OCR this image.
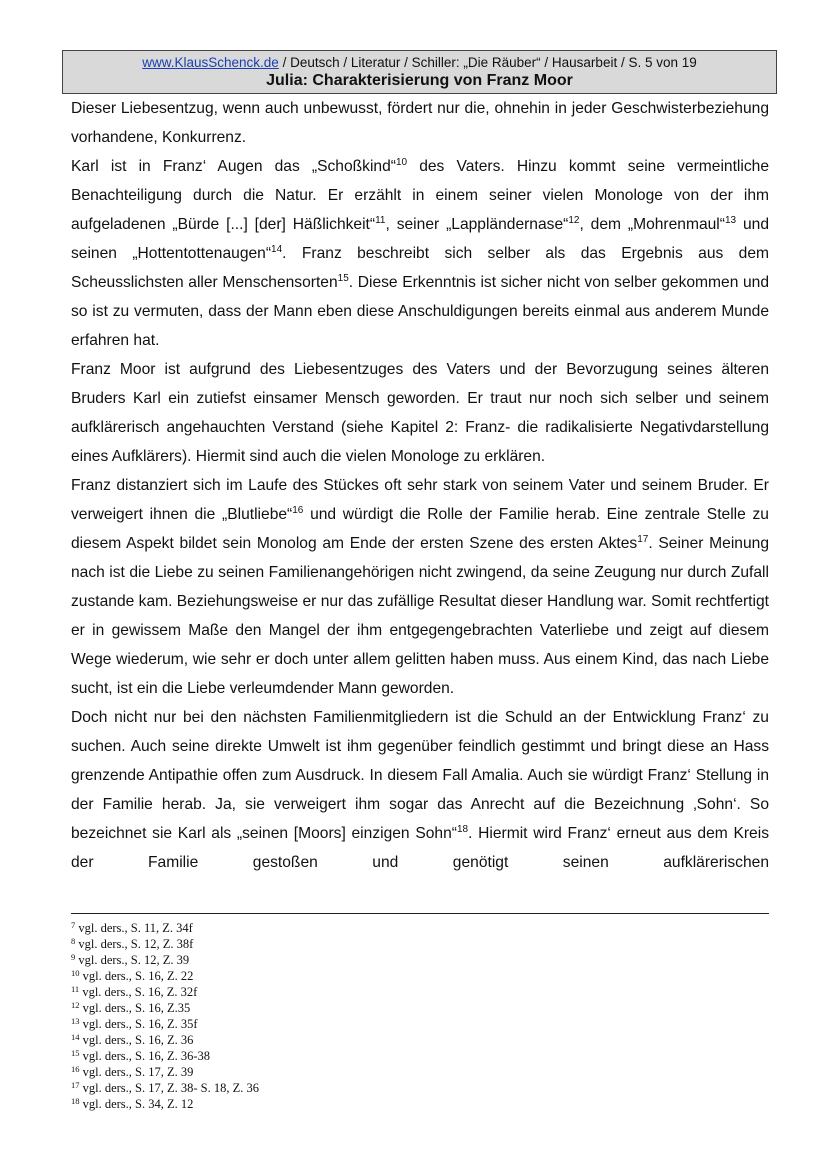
www.KlausSchenck.de / Deutsch / Literatur / Schiller: „Die Räuber“ / Hausarbeit / S. 5 von 19
Julia: Charakterisierung von Franz Moor

Dieser Liebesentzug, wenn auch unbewusst, fördert nur die, ohnehin in jeder Geschwisterbeziehung vorhandene, Konkurrenz.

Karl ist in Franz‘ Augen das „Schoßkind“$^{10}$ des Vaters. Hinzu kommt seine vermeintliche Benachteiligung durch die Natur. Er erzählt in einem seiner vielen Monologe von der ihm aufgeladenen „Bürde [...] [der] Häßlichkeit“$^{11}$, seiner „Lappländernase“$^{12}$, dem „Mohrenmaul“$^{13}$ und seinen „Hottentottenaugen“$^{14}$. Franz beschreibt sich selber als das Ergebnis aus dem Scheusslichsten aller Menschensorten$^{15}$. Diese Erkenntnis ist sicher nicht von selber gekommen und so ist zu vermuten, dass der Mann eben diese Anschuldigungen bereits einmal aus anderem Munde erfahren hat.

Franz Moor ist aufgrund des Liebesentzuges des Vaters und der Bevorzugung seines älteren Bruders Karl ein zutiefst einsamer Mensch geworden. Er traut nur noch sich selber und seinem aufklärerisch angehauchten Verstand (siehe Kapitel 2: Franz- die radikalisierte Negativdarstellung eines Aufklärers). Hiermit sind auch die vielen Monologe zu erklären.

Franz distanziert sich im Laufe des Stückes oft sehr stark von seinem Vater und seinem Bruder. Er verweigert ihnen die „Blutliebe“$^{16}$ und würdigt die Rolle der Familie herab. Eine zentrale Stelle zu diesem Aspekt bildet sein Monolog am Ende der ersten Szene des ersten Aktes$^{17}$. Seiner Meinung nach ist die Liebe zu seinen Familienangehörigen nicht zwingend, da seine Zeugung nur durch Zufall zustande kam. Beziehungsweise er nur das zufällige Resultat dieser Handlung war. Somit rechtfertigt er in gewissem Maße den Mangel der ihm entgegengebrachten Vaterliebe und zeigt auf diesem Wege wiederum, wie sehr er doch unter allem gelitten haben muss. Aus einem Kind, das nach Liebe sucht, ist ein die Liebe verleumdender Mann geworden.

Doch nicht nur bei den nächsten Familienmitgliedern ist die Schuld an der Entwicklung Franz‘ zu suchen. Auch seine direkte Umwelt ist ihm gegenüber feindlich gestimmt und bringt diese an Hass grenzende Antipathie offen zum Ausdruck. In diesem Fall Amalia. Auch sie würdigt Franz‘ Stellung in der Familie herab. Ja, sie verweigert ihm sogar das Anrecht auf die Bezeichnung ‚Sohn‘. So bezeichnet sie Karl als „seinen [Moors] einzigen Sohn“$^{18}$. Hiermit wird Franz‘ erneut aus dem Kreis der Familie gestoßen und genötigt seinen aufklärerischen

$^7$ vgl. ders., S. 11, Z. 34f
$^8$ vgl. ders., S. 12, Z. 38f
$^9$ vgl. ders., S. 12, Z. 39
$^{10}$ vgl. ders., S. 16, Z. 22
$^{11}$ vgl. ders., S. 16, Z. 32f
$^{12}$ vgl. ders., S. 16, Z.35
$^{13}$ vgl. ders., S. 16, Z. 35f
$^{14}$ vgl. ders., S. 16, Z. 36
$^{15}$ vgl. ders., S. 16, Z. 36-38
$^{16}$ vgl. ders., S. 17, Z. 39
$^{17}$ vgl. ders., S. 17, Z. 38- S. 18, Z. 36
$^{18}$ vgl. ders., S. 34, Z. 12
